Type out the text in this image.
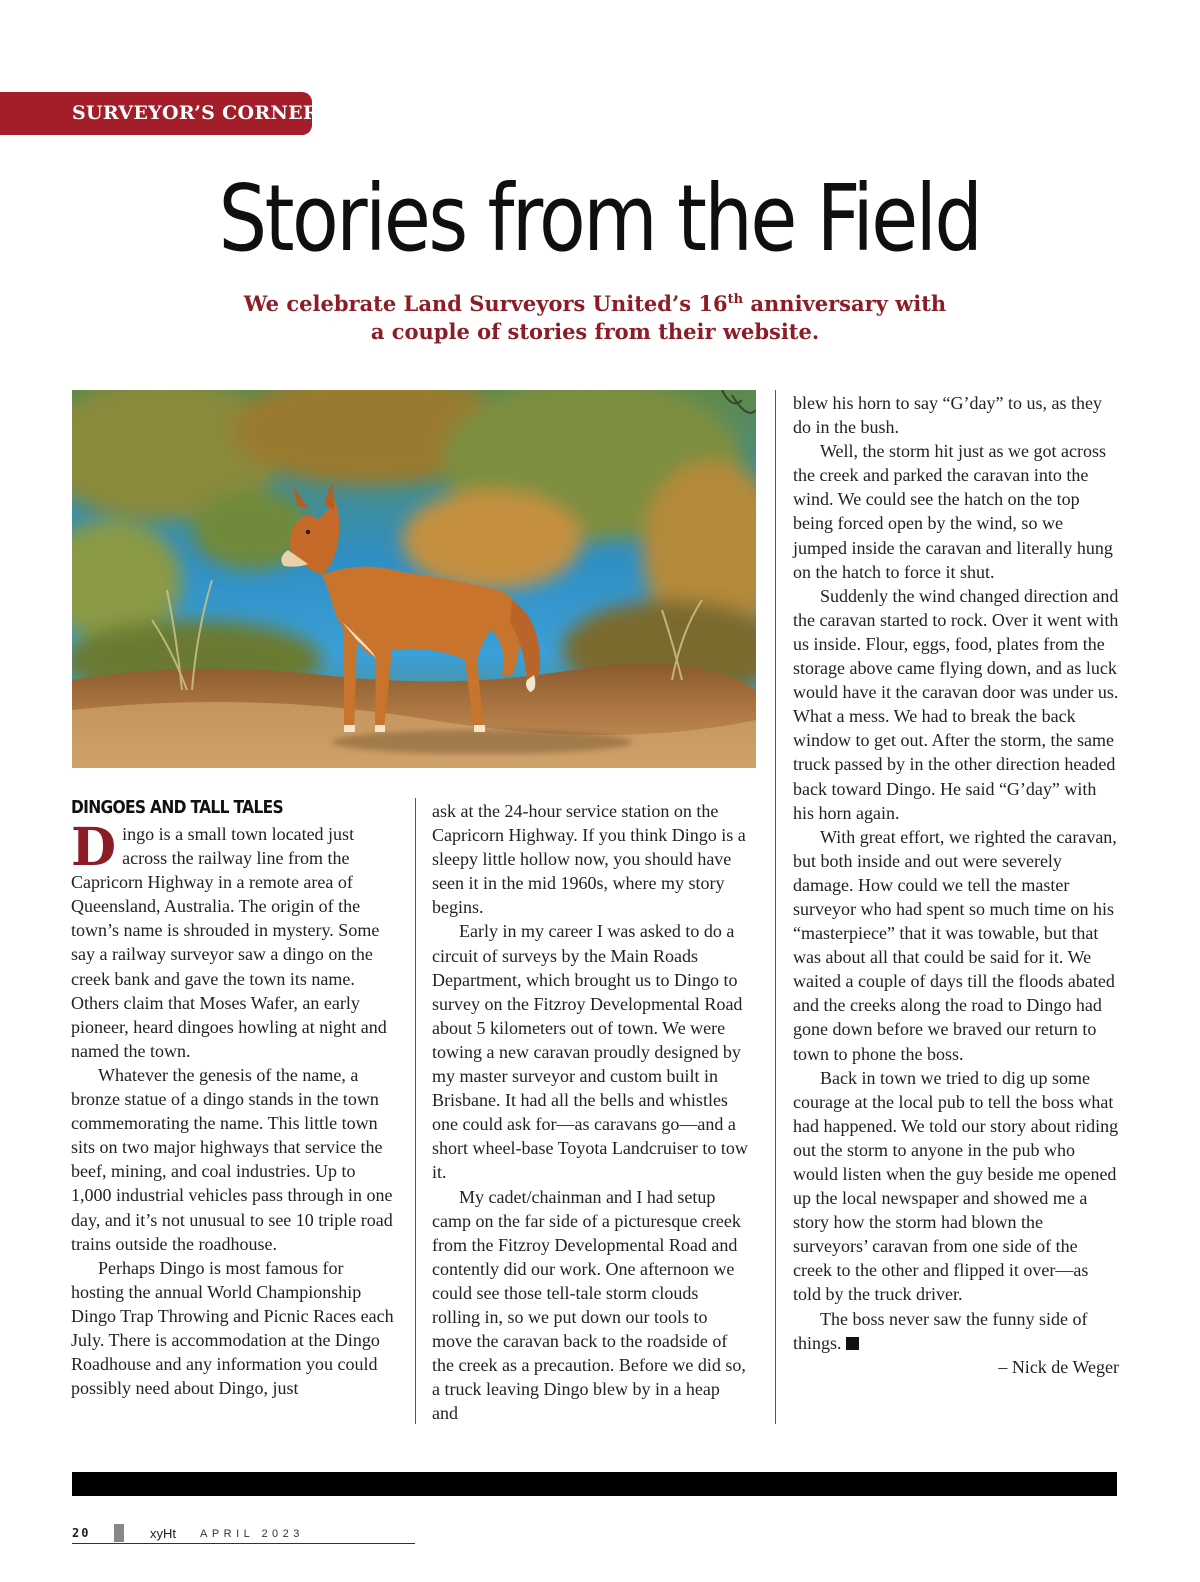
SURVEYOR’S CORNER
Stories from the Field
We celebrate Land Surveyors United’s 16th anniversary with
a couple of stories from their website.
DINGOES AND TALL TALES

Dingo is a small town located just across the railway line from the Capricorn Highway in a remote area of Queensland, Australia. The origin of the town’s name is shrouded in mystery. Some say a railway surveyor saw a dingo on the creek bank and gave the town its name. Others claim that Moses Wafer, an early pioneer, heard dingoes howling at night and named the town.

Whatever the genesis of the name, a bronze statue of a dingo stands in the town commemorating the name. This little town sits on two major highways that service the beef, mining, and coal industries. Up to 1,000 industrial vehicles pass through in one day, and it’s not unusual to see 10 triple road trains outside the roadhouse.

Perhaps Dingo is most famous for hosting the annual World Championship Dingo Trap Throwing and Picnic Races each July. There is accommodation at the Dingo Roadhouse and any information you could possibly need about Dingo, just

ask at the 24-hour service station on the Capricorn Highway. If you think Dingo is a sleepy little hollow now, you should have seen it in the mid 1960s, where my story begins.

Early in my career I was asked to do a circuit of surveys by the Main Roads Department, which brought us to Dingo to survey on the Fitzroy Developmental Road about 5 kilometers out of town. We were towing a new caravan proudly designed by my master surveyor and custom built in Brisbane. It had all the bells and whistles one could ask for—as caravans go—and a short wheel-base Toyota Landcruiser to tow it.

My cadet/chainman and I had setup camp on the far side of a picturesque creek from the Fitzroy Developmental Road and contently did our work. One afternoon we could see those tell-tale storm clouds rolling in, so we put down our tools to move the caravan back to the roadside of the creek as a precaution. Before we did so, a truck leaving Dingo blew by in a heap and

blew his horn to say “G’day” to us, as they do in the bush.

Well, the storm hit just as we got across the creek and parked the caravan into the wind. We could see the hatch on the top being forced open by the wind, so we jumped inside the caravan and literally hung on the hatch to force it shut.

Suddenly the wind changed direction and the caravan started to rock. Over it went with us inside. Flour, eggs, food, plates from the storage above came flying down, and as luck would have it the caravan door was under us. What a mess. We had to break the back window to get out. After the storm, the same truck passed by in the other direction headed back toward Dingo. He said “G’day” with his horn again.

With great effort, we righted the caravan, but both inside and out were severely damage. How could we tell the master surveyor who had spent so much time on his “masterpiece” that it was towable, but that was about all that could be said for it. We waited a couple of days till the floods abated and the creeks along the road to Dingo had gone down before we braved our return to town to phone the boss.

Back in town we tried to dig up some courage at the local pub to tell the boss what had happened. We told our story about riding out the storm to anyone in the pub who would listen when the guy beside me opened up the local newspaper and showed me a story how the storm had blown the surveyors’ caravan from one side of the creek to the other and flipped it over—as told by the truck driver.

The boss never saw the funny side of things.

– Nick de Weger

20	xyHt APRIL 2023
